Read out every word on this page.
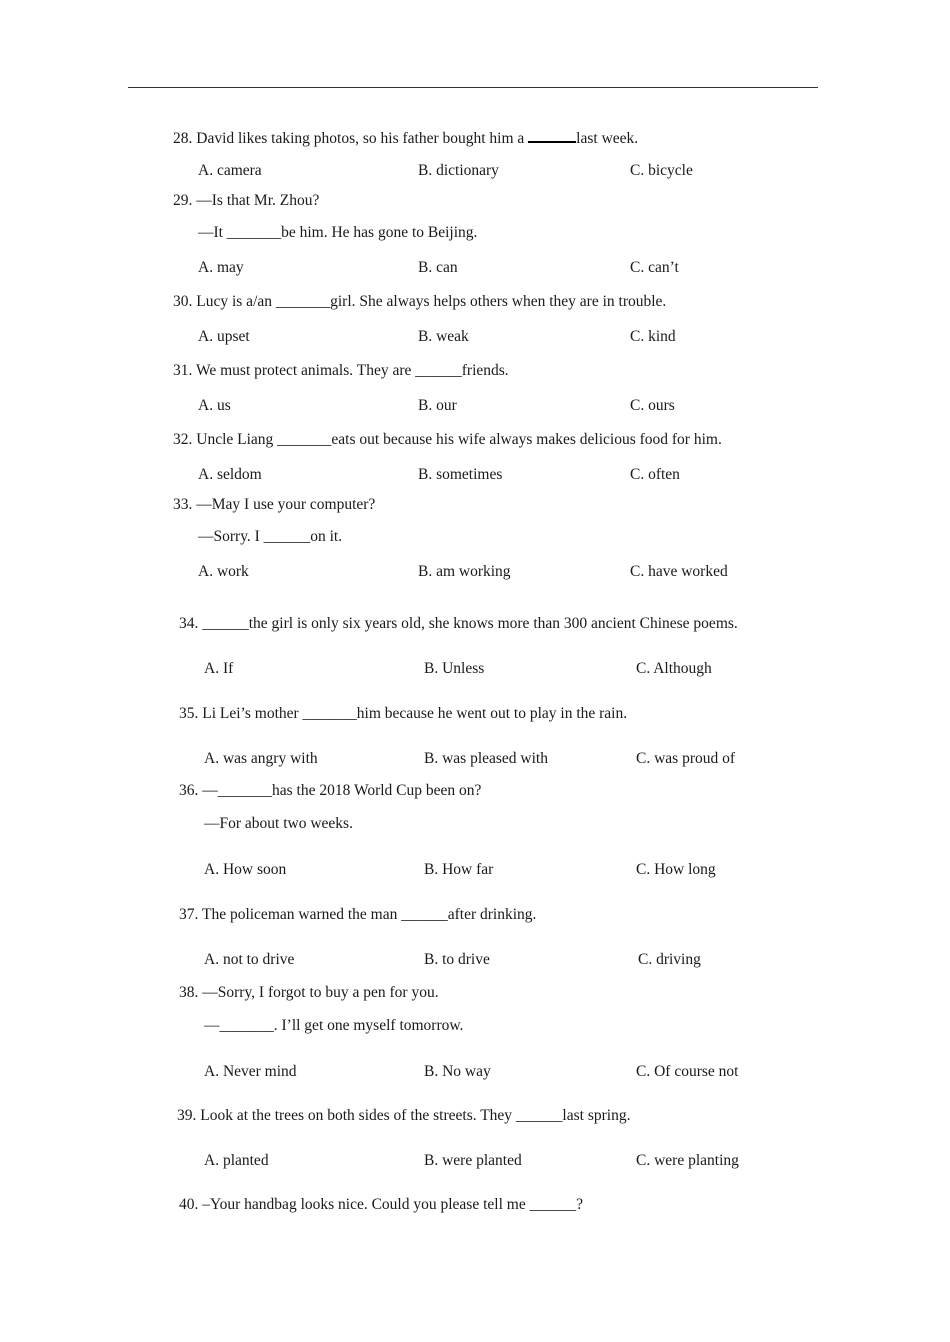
28. David likes taking photos, so his father bought him a	last week.
A. camera	B. dictionary	C. bicycle
29. —Is that Mr. Zhou?
—It _______be him. He has gone to Beijing.
A. may	B. can	C. can’t
30. Lucy is a/an _______girl. She always helps others when they are in trouble.
A. upset	B. weak	C. kind
31. We must protect animals. They are ______friends.
A. us	B. our	C. ours
32. Uncle Liang _______eats out because his wife always makes delicious food for him.
A. seldom	B. sometimes	C. often
33. —May I use your computer?
—Sorry. I ______on it.
A. work	B. am working	C. have worked
34. ______the girl is only six years old, she knows more than 300 ancient Chinese poems.
A. If	B. Unless	C. Although
35. Li Lei’s mother _______him because he went out to play in the rain.
A. was angry with	B. was pleased with	C. was proud of
36. —_______has the 2018 World Cup been on?
—For about two weeks.
A. How soon	B. How far	C. How long
37. The policeman warned the man ______after drinking.
A. not to drive	B. to drive	C. driving
38. —Sorry, I forgot to buy a pen for you.
—_______. I’ll get one myself tomorrow.
A. Never mind	B. No way	C. Of course not
39. Look at the trees on both sides of the streets. They ______last spring.
A. planted	B. were planted	C. were planting
40. –Your handbag looks nice. Could you please tell me ______?
